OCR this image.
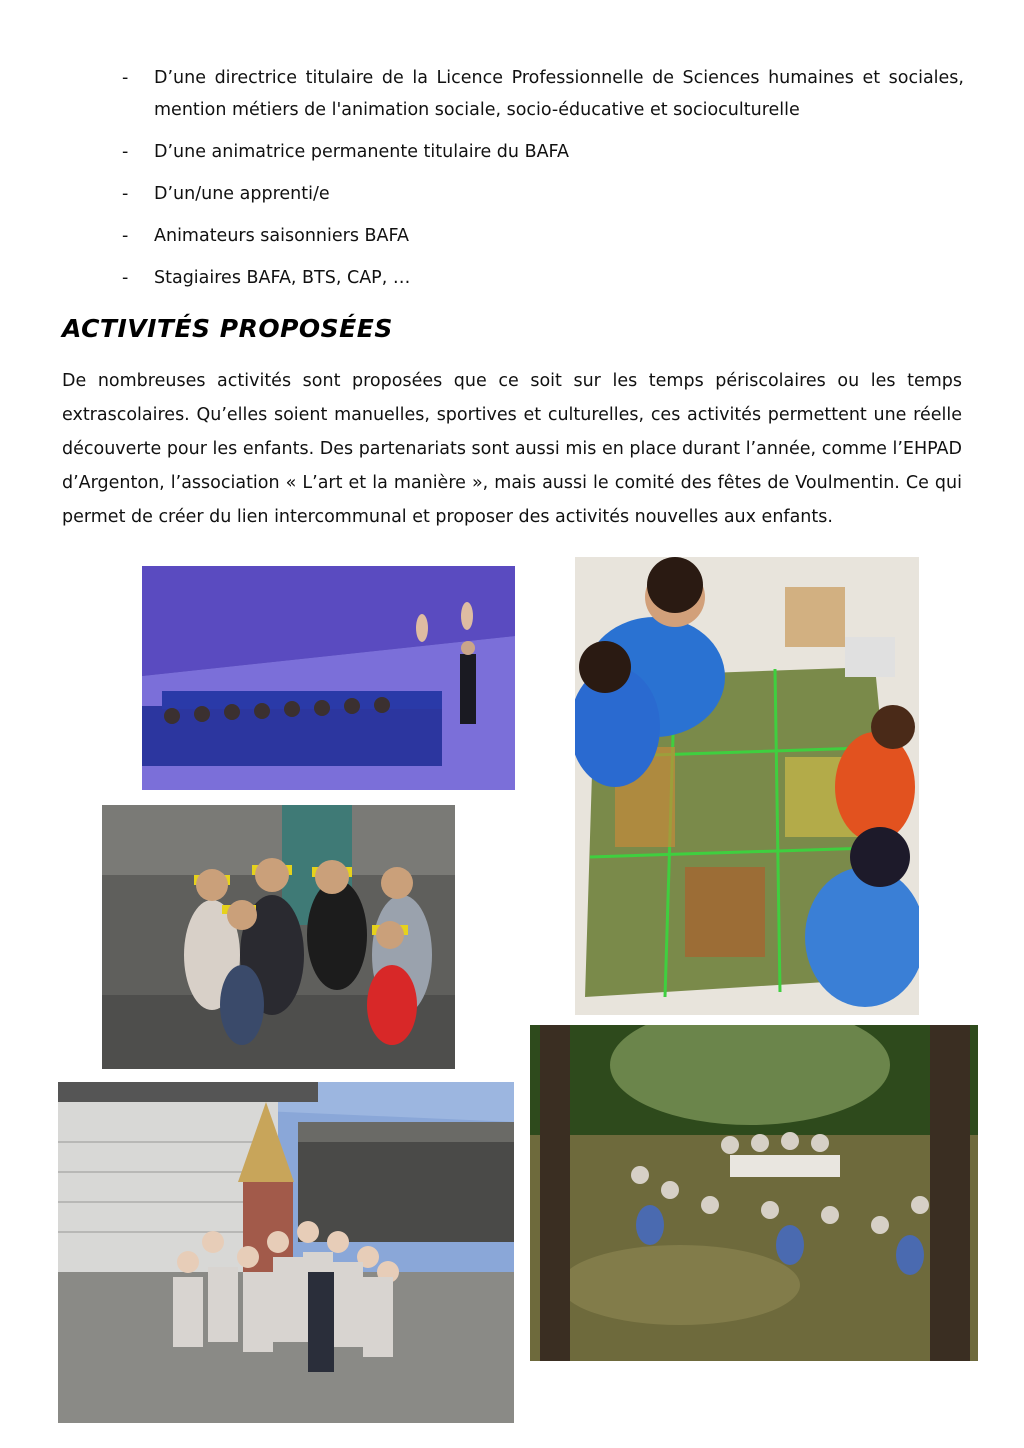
- D’une directrice titulaire de la Licence Professionnelle de Sciences humaines et sociales, mention métiers de l'animation sociale, socio-éducative et socioculturelle
- D’une animatrice permanente titulaire du BAFA
- D’un/une apprenti/e
- Animateurs saisonniers BAFA
- Stagiaires BAFA, BTS, CAP, …
ACTIVITÉS PROPOSÉES

De nombreuses activités sont proposées que ce soit sur les temps périscolaires ou les temps extrascolaires. Qu’elles soient manuelles, sportives et culturelles, ces activités permettent une réelle découverte pour les enfants. Des partenariats sont aussi mis en place durant l’année, comme l’EHPAD d’Argenton, l’association « L’art et la manière », mais aussi le comité des fêtes de Voulmentin. Ce qui permet de créer du lien intercommunal et proposer des activités nouvelles aux enfants.
